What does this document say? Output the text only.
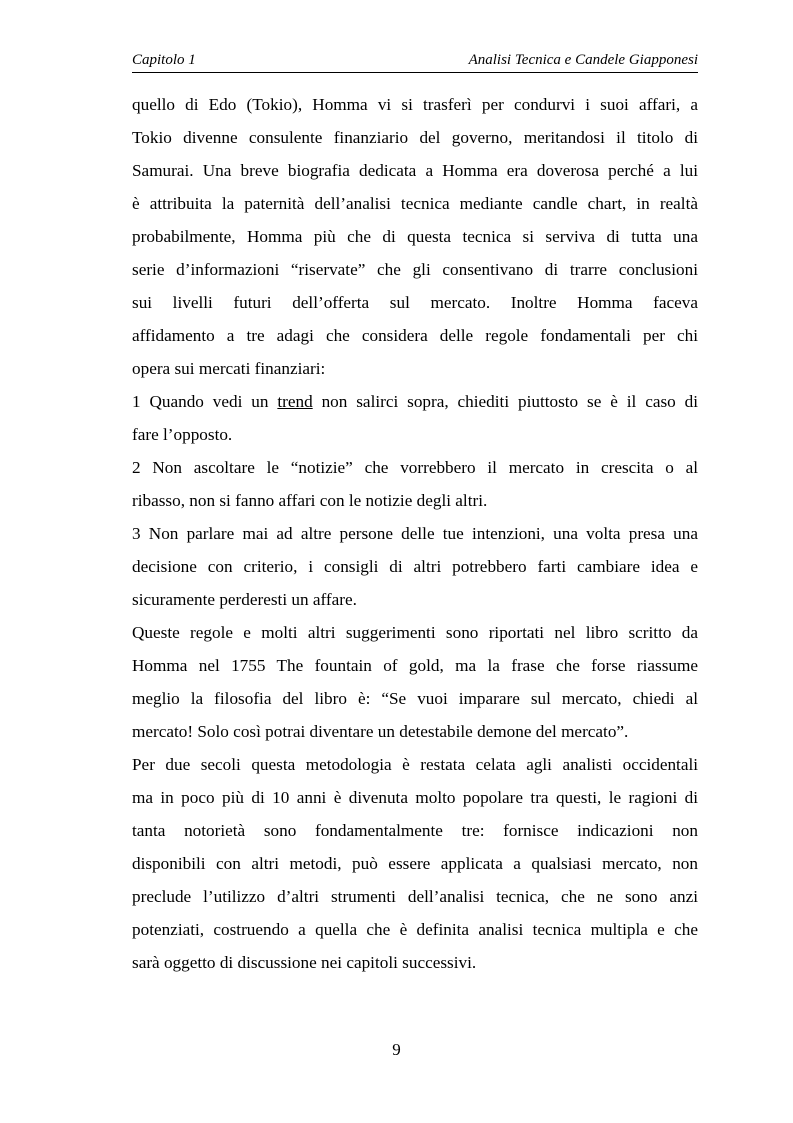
Capitolo 1	Analisi Tecnica e Candele Giapponesi
quello di Edo (Tokio), Homma vi si trasferì per condurvi i suoi affari, a
Tokio divenne consulente finanziario del governo, meritandosi il titolo di
Samurai. Una breve biografia dedicata a Homma era doverosa perché a lui
è attribuita la paternità dell’analisi tecnica mediante candle chart, in realtà
probabilmente, Homma più che di questa tecnica si serviva di tutta una
serie d’informazioni “riservate” che gli consentivano di trarre conclusioni
sui livelli futuri dell’offerta sul mercato. Inoltre Homma faceva
affidamento a tre adagi che considera delle regole fondamentali per chi
opera sui mercati finanziari:
1 Quando vedi un trend non salirci sopra, chiediti piuttosto se è il caso di
fare l’opposto.
2 Non ascoltare le “notizie” che vorrebbero il mercato in crescita o al
ribasso, non si fanno affari con le notizie degli altri.
3 Non parlare mai ad altre persone delle tue intenzioni, una volta presa una
decisione con criterio, i consigli di altri potrebbero farti cambiare idea e
sicuramente perderesti un affare.
Queste regole e molti altri suggerimenti sono riportati nel libro scritto da
Homma nel 1755 The fountain of gold, ma la frase che forse riassume
meglio la filosofia del libro è: “Se vuoi imparare sul mercato, chiedi al
mercato! Solo così potrai diventare un detestabile demone del mercato”.
Per due secoli questa metodologia è restata celata agli analisti occidentali
ma in poco più di 10 anni è divenuta molto popolare tra questi, le ragioni di
tanta notorietà sono fondamentalmente tre: fornisce indicazioni non
disponibili con altri metodi, può essere applicata a qualsiasi mercato, non
preclude l’utilizzo d’altri strumenti dell’analisi tecnica, che ne sono anzi
potenziati, costruendo a quella che è definita analisi tecnica multipla e che
sarà oggetto di discussione nei capitoli successivi.
9
